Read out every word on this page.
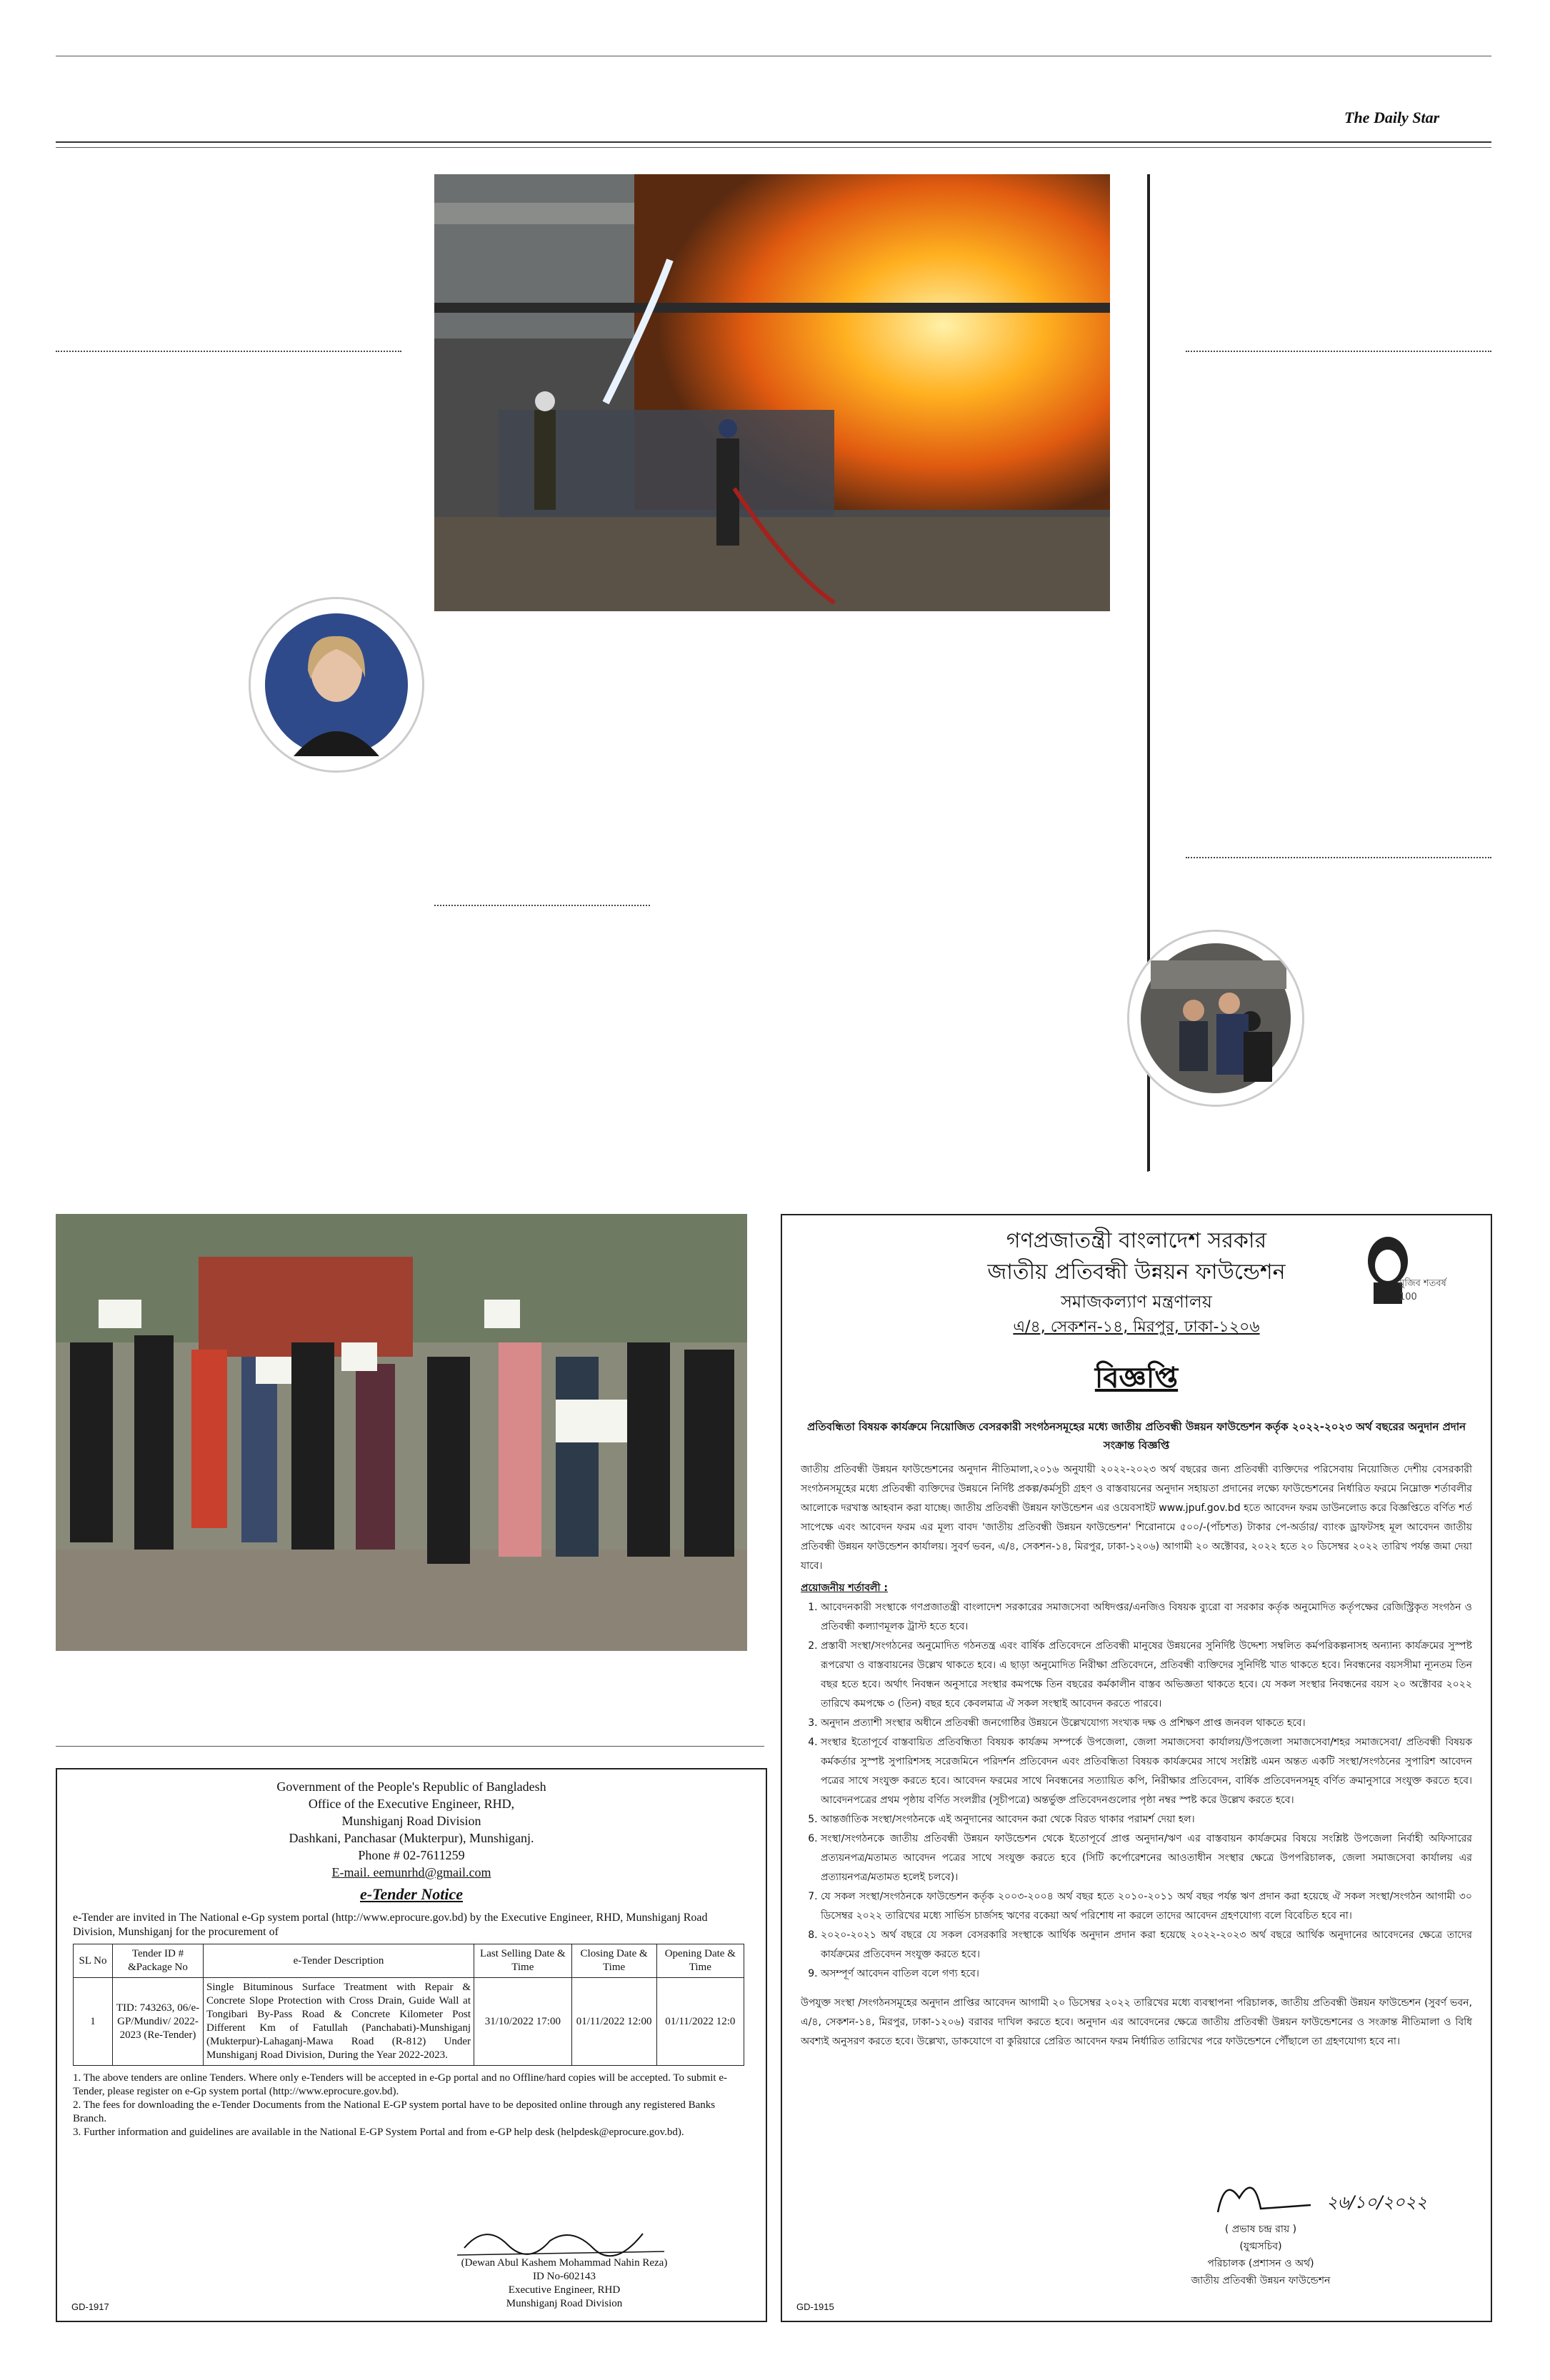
The Daily Star
Government of the People's Republic of Bangladesh
Office of the Executive Engineer, RHD,
Munshiganj Road Division
Dashkani, Panchasar (Mukterpur), Munshiganj.
Phone # 02-7611259
E-mail. eemunrhd@gmail.com
e-Tender Notice
e-Tender are invited in The National e-Gp system portal (http://www.eprocure.gov.bd) by the Executive Engineer, RHD, Munshiganj Road Division, Munshiganj for the procurement of
SL No	Tender ID # &Package No	e-Tender Description	Last Selling Date & Time	Closing Date & Time	Opening Date & Time
1	TID: 743263, 06/e-GP/Mundiv/ 2022-2023 (Re-Tender)	Single Bituminous Surface Treatment with Repair & Concrete Slope Protection with Cross Drain, Guide Wall at Tongibari By-Pass Road & Concrete Kilometer Post Different Km of Fatullah (Panchabati)-Munshiganj (Mukterpur)-Lahaganj-Mawa Road (R-812) Under Munshiganj Road Division, During the Year 2022-2023.	31/10/2022 17:00	01/11/2022 12:00	01/11/2022 12:0
1. The above tenders are online Tenders. Where only e-Tenders will be accepted in e-Gp portal and no Offline/hard copies will be accepted. To submit e-Tender, please register on e-Gp system portal (http://www.eprocure.gov.bd).
2. The fees for downloading the e-Tender Documents from the National E-GP system portal have to be deposited online through any registered Banks Branch.
3. Further information and guidelines are available in the National E-GP System Portal and from e-GP help desk (helpdesk@eprocure.gov.bd).
(Dewan Abul Kashem Mohammad Nahin Reza)
ID No-602143
Executive Engineer, RHD
Munshiganj Road Division
GD-1917
গণপ্রজাতন্ত্রী বাংলাদেশ সরকার
জাতীয় প্রতিবন্ধী উন্নয়ন ফাউন্ডেশন
সমাজকল্যাণ মন্ত্রণালয়
এ/৪, সেকশন-১৪, মিরপুর, ঢাকা-১২০৬
মুজিব শতবর্ষ 100
বিজ্ঞপ্তি
প্রতিবন্ধিতা বিষয়ক কার্যক্রমে নিয়োজিত বেসরকারী সংগঠনসমূহের মধ্যে জাতীয় প্রতিবন্ধী উন্নয়ন ফাউন্ডেশন কর্তৃক ২০২২-২০২৩ অর্থ বছরের অনুদান প্রদান সংক্রান্ত বিজ্ঞপ্তি
জাতীয় প্রতিবন্ধী উন্নয়ন ফাউন্ডেশনের অনুদান নীতিমালা,২০১৬ অনুযায়ী ২০২২-২০২৩ অর্থ বছরের জন্য প্রতিবন্ধী ব্যক্তিদের পরিসেবায় নিয়োজিত দেশীয় বেসরকারী সংগঠনসমূহের মধ্যে প্রতিবন্ধী ব্যক্তিদের উন্নয়নে নির্দিষ্ট প্রকল্প/কর্মসূচী গ্রহণ ও বাস্তবায়নের অনুদান সহায়তা প্রদানের লক্ষ্যে ফাউন্ডেশনের নির্ধারিত ফরমে নিম্নোক্ত শর্তাবলীর আলোকে দরখাস্ত আহবান করা যাচ্ছে। জাতীয় প্রতিবন্ধী উন্নয়ন ফাউন্ডেশন এর ওয়েবসাইট www.jpuf.gov.bd হতে আবেদন ফরম ডাউনলোড করে বিজ্ঞপ্তিতে বর্ণিত শর্ত সাপেক্ষে এবং আবেদন ফরম এর মূল্য বাবদ 'জাতীয় প্রতিবন্ধী উন্নয়ন ফাউন্ডেশন' শিরোনামে ৫০০/-(পাঁচশত) টাকার পে-অর্ডার/ ব্যাংক ড্রাফটসহ মূল আবেদন জাতীয় প্রতিবন্ধী উন্নয়ন ফাউন্ডেশন কার্যালয়। সুবর্ণ ভবন, এ/৪, সেকশন-১৪, মিরপুর, ঢাকা-১২০৬) আগামী ২০ অক্টোবর, ২০২২ হতে ২০ ডিসেম্বর ২০২২ তারিখ পর্যন্ত জমা দেয়া যাবে।
প্রয়োজনীয় শর্তাবলী :
1. আবেদনকারী সংস্থাকে গণপ্রজাতন্ত্রী বাংলাদেশ সরকারের সমাজসেবা অধিদপ্তর/এনজিও বিষয়ক ব্যুরো বা সরকার কর্তৃক অনুমোদিত কর্তৃপক্ষের রেজিস্ট্রিকৃত সংগঠন ও প্রতিবন্ধী কল্যাণমূলক ট্রাস্ট হতে হবে।
2. প্রস্তাবী সংস্থা/সংগঠনের অনুমোদিত গঠনতন্ত্র এবং বার্ষিক প্রতিবেদনে প্রতিবন্ধী মানুষের উন্নয়নের সুনির্দিষ্ট উদ্দেশ্য সম্বলিত কর্মপরিকল্পনাসহ অন্যান্য কার্যক্রমের সুস্পষ্ট রূপরেখা ও বাস্তবায়নের উল্লেখ থাকতে হবে। এ ছাড়া অনুমোদিত নিরীক্ষা প্রতিবেদনে, প্রতিবন্ধী ব্যক্তিদের সুনির্দিষ্ট খাত থাকতে হবে। নিবন্ধনের বয়সসীমা ন্যূনতম তিন বছর হতে হবে। অর্থাৎ নিবন্ধন অনুসারে সংস্থার কমপক্ষে তিন বছরের কর্মকালীন বাস্তব অভিজ্ঞতা থাকতে হবে। যে সকল সংস্থার নিবন্ধনের বয়স ২০ অক্টোবর ২০২২ তারিখে কমপক্ষে ৩ (তিন) বছর হবে কেবলমাত্র ঐ সকল সংস্থাই আবেদন করতে পারবে।
3. অনুদান প্রত্যাশী সংস্থার অধীনে প্রতিবন্ধী জনগোষ্ঠির উন্নয়নে উল্লেখযোগ্য সংখ্যক দক্ষ ও প্রশিক্ষণ প্রাপ্ত জনবল থাকতে হবে।
4. সংস্থার ইতোপূর্বে বাস্তবায়িত প্রতিবন্ধিতা বিষয়ক কার্যক্রম সম্পর্কে উপজেলা, জেলা সমাজসেবা কার্যালয়/উপজেলা সমাজসেবা/শহর সমাজসেবা/ প্রতিবন্ধী বিষয়ক কর্মকর্তার সুস্পষ্ট সুপারিশসহ সরেজমিনে পরিদর্শন প্রতিবেদন এবং প্রতিবন্ধিতা বিষয়ক কার্যক্রমের সাথে সংশ্লিষ্ট এমন অন্তত একটি সংস্থা/সংগঠনের সুপারিশ আবেদন পত্রের সাথে সংযুক্ত করতে হবে। আবেদন ফরমের সাথে নিবন্ধনের সত্যায়িত কপি, নিরীক্ষার প্রতিবেদন, বার্ষিক প্রতিবেদনসমূহ বর্ণিত ক্রমানুসারে সংযুক্ত করতে হবে। আবেদনপত্রের প্রথম পৃষ্ঠায় বর্ণিত সংলগ্নীর (সূচীপত্রে) অন্তর্ভুক্ত প্রতিবেদনগুলোর পৃষ্ঠা নম্বর স্পষ্ট করে উল্লেখ করতে হবে।
5. আন্তর্জাতিক সংস্থা/সংগঠনকে এই অনুদানের আবেদন করা থেকে বিরত থাকার পরামর্শ দেয়া হল।
6. সংস্থা/সংগঠনকে জাতীয় প্রতিবন্ধী উন্নয়ন ফাউন্ডেশন থেকে ইতোপূর্বে প্রাপ্ত অনুদান/ঋণ এর বাস্তবায়ন কার্যক্রমের বিষয়ে সংশ্লিষ্ট উপজেলা নির্বাহী অফিসারের প্রত্যয়নপত্র/মতামত আবেদন পত্রের সাথে সংযুক্ত করতে হবে (সিটি কর্পোরেশনের আওতাধীন সংস্থার ক্ষেত্রে উপপরিচালক, জেলা সমাজসেবা কার্যালয় এর প্রত্যায়নপত্র/মতামত হলেই চলবে)।
7. যে সকল সংস্থা/সংগঠনকে ফাউন্ডেশন কর্তৃক ২০০৩-২০০৪ অর্থ বছর হতে ২০১০-২০১১ অর্থ বছর পর্যন্ত ঋণ প্রদান করা হয়েছে ঐ সকল সংস্থা/সংগঠন আগামী ৩০ ডিসেম্বর ২০২২ তারিখের মধ্যে সার্ভিস চার্জসহ ঋণের বকেয়া অর্থ পরিশোধ না করলে তাদের আবেদন গ্রহণযোগ্য বলে বিবেচিত হবে না।
8. ২০২০-২০২১ অর্থ বছরে যে সকল বেসরকারি সংস্থাকে আর্থিক অনুদান প্রদান করা হয়েছে ২০২২-২০২৩ অর্থ বছরে আর্থিক অনুদানের আবেদনের ক্ষেত্রে তাদের কার্যক্রমের প্রতিবেদন সংযুক্ত করতে হবে।
9. অসম্পূর্ণ আবেদন বাতিল বলে গণ্য হবে।
উপযুক্ত সংস্থা /সংগঠনসমূহের অনুদান প্রাপ্তির আবেদন আগামী ২০ ডিসেম্বর ২০২২ তারিখের মধ্যে ব্যবস্থাপনা পরিচালক, জাতীয় প্রতিবন্ধী উন্নয়ন ফাউন্ডেশন (সুবর্ণ ভবন, এ/৪, সেকশন-১৪, মিরপুর, ঢাকা-১২০৬) বরাবর দাখিল করতে হবে। অনুদান এর আবেদনের ক্ষেত্রে জাতীয় প্রতিবন্ধী উন্নয়ন ফাউন্ডেশনের ও সংক্রান্ত নীতিমালা ও বিধি অবশ্যই অনুসরণ করতে হবে। উল্লেখ্য, ডাকযোগে বা কুরিয়ারে প্রেরিত আবেদন ফরম নির্ধারিত তারিখের পরে ফাউন্ডেশনে পৌঁছালে তা গ্রহণযোগ্য হবে না।
২৬/১০/২০২২
( প্রভাষ চন্দ্র রায় )
(যুগ্মসচিব)
পরিচালক (প্রশাসন ও অর্থ)
জাতীয় প্রতিবন্ধী উন্নয়ন ফাউন্ডেশন
GD-1915
